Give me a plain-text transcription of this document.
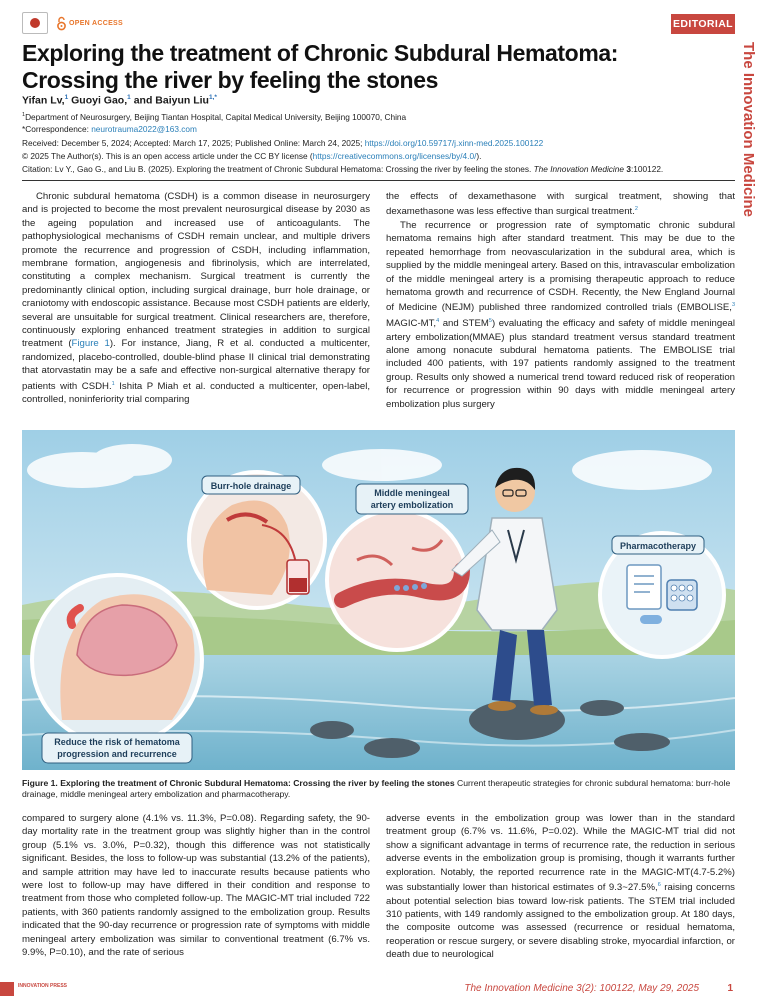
OPEN ACCESS	EDITORIAL
The Innovation Medicine
Exploring the treatment of Chronic Subdural Hematoma: Crossing the river by feeling the stones
Yifan Lv,$^1$ Guoyi Gao,$^1$ and Baiyun Liu$^{1,*}$
$^1$Department of Neurosurgery, Beijing Tiantan Hospital, Capital Medical University, Beijing 100070, China
*Correspondence: neurotrauma2022@163.com
Received: December 5, 2024; Accepted: March 17, 2025; Published Online: March 24, 2025; https://doi.org/10.59717/j.xinn-med.2025.100122
© 2025 The Author(s). This is an open access article under the CC BY license (https://creativecommons.org/licenses/by/4.0/).
Citation: Lv Y., Gao G., and Liu B. (2025). Exploring the treatment of Chronic Subdural Hematoma: Crossing the river by feeling the stones. The Innovation Medicine 3:100122.

Chronic subdural hematoma (CSDH) is a common disease in neurosurgery and is projected to become the most prevalent neurosurgical disease by 2030 as the ageing population and increased use of anticoagulants. The pathophysiological mechanisms of CSDH remain unclear, and multiple drivers promote the recurrence and progression of CSDH, including inflammation, membrane formation, angiogenesis and fibrinolysis, which are interrelated, constituting a complex mechanism. Surgical treatment is currently the predominantly clinical option, including surgical drainage, burr hole drainage, or craniotomy with endoscopic assistance. Because most CSDH patients are elderly, several are unsuitable for surgical treatment. Clinical researchers are, therefore, continuously exploring enhanced treatment strategies in addition to surgical treatment (Figure 1). For instance, Jiang, R et al. conducted a multicenter, randomized, placebo-controlled, double-blind phase II clinical trial demonstrating that atorvastatin may be a safe and effective non-surgical alternative therapy for patients with CSDH.$^1$ Ishita P Miah et al. conducted a multicenter, open-label, controlled, noninferiority trial comparing

the effects of dexamethasone with surgical treatment, showing that dexamethasone was less effective than surgical treatment.$^2$

The recurrence or progression rate of symptomatic chronic subdural hematoma remains high after standard treatment. This may be due to the repeated hemorrhage from neovascularization in the subdural area, which is supplied by the middle meningeal artery. Based on this, intravascular embolization of the middle meningeal artery is a promising therapeutic approach to reduce hematoma growth and recurrence of CSDH. Recently, the New England Journal of Medicine (NEJM) published three randomized controlled trials (EMBOLISE,$^3$ MAGIC-MT,$^4$ and STEM$^5$) evaluating the efficacy and safety of middle meningeal artery embolization(MMAE) plus standard treatment versus standard treatment alone among nonacute subdural hematoma patients. The EMBOLISE trial included 400 patients, with 197 patients randomly assigned to the treatment group. Results only showed a numerical trend toward reduced risk of reoperation for recurrence or progression within 90 days with middle meningeal artery embolization plus surgery

Reduce the risk of hematoma
progression and recurrence
Burr-hole drainage
Middle meningeal
artery embolization
Pharmacotherapy
Figure 1. Exploring the treatment of Chronic Subdural Hematoma: Crossing the river by feeling the stones Current therapeutic strategies for chronic subdural hematoma: burr-hole drainage, middle meningeal artery embolization and pharmacotherapy.

compared to surgery alone (4.1% vs. 11.3%, P=0.08). Regarding safety, the 90-day mortality rate in the treatment group was slightly higher than in the control group (5.1% vs. 3.0%, P=0.32), though this difference was not statistically significant. Besides, the loss to follow-up was substantial (13.2% of the patients), and sample attrition may have led to inaccurate results because patients who were lost to follow-up may have differed in their condition and response to treatment from those who completed follow-up. The MAGIC-MT trial included 722 patients, with 360 patients randomly assigned to the embolization group. Results indicated that the 90-day recurrence or progression rate of symptoms with middle meningeal artery embolization was similar to conventional treatment (6.7% vs. 9.9%, P=0.10), and the rate of serious

adverse events in the embolization group was lower than in the standard treatment group (6.7% vs. 11.6%, P=0.02). While the MAGIC-MT trial did not show a significant advantage in terms of recurrence rate, the reduction in serious adverse events in the embolization group is promising, though it warrants further exploration. Notably, the reported recurrence rate in the MAGIC-MT(4.7-5.2%) was substantially lower than historical estimates of 9.3~27.5%,$^6$ raising concerns about potential selection bias toward low-risk patients. The STEM trial included 310 patients, with 149 randomly assigned to the embolization group. At 180 days, the composite outcome was assessed (recurrence or residual hematoma, reoperation or rescue surgery, or severe disabling stroke, myocardial infarction, or death due to neurological

INNOVATION PRESS	The Innovation Medicine 3(2): 100122, May 29, 2025	1
